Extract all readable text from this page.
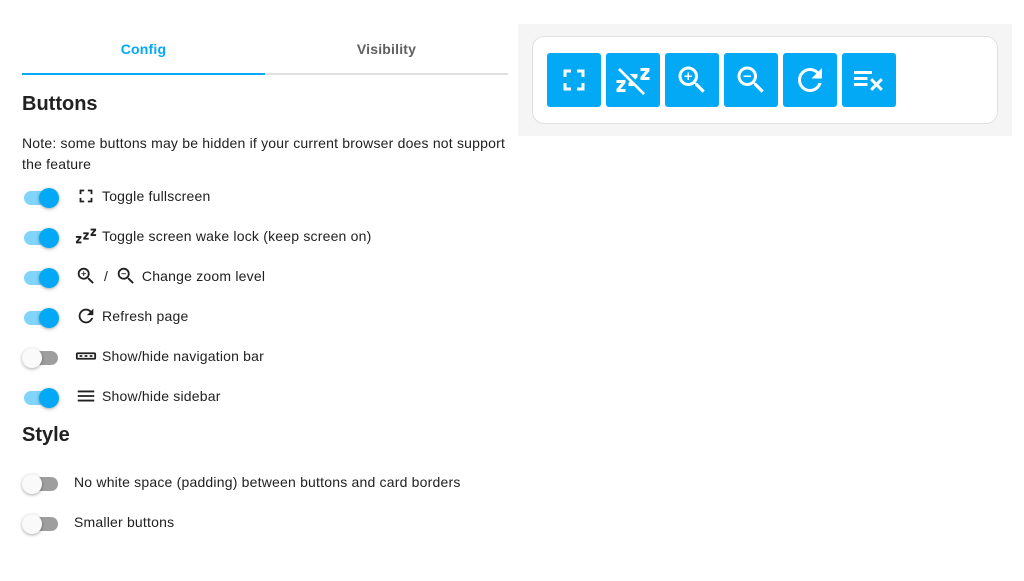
Config	Visibility
Buttons

Note: some buttons may be hidden if your current browser does not support the feature

Toggle fullscreen
Toggle screen wake lock (keep screen on)
/ Change zoom level
Refresh page
Show/hide navigation bar
Show/hide sidebar
Style
No white space (padding) between buttons and card borders
Smaller buttons
